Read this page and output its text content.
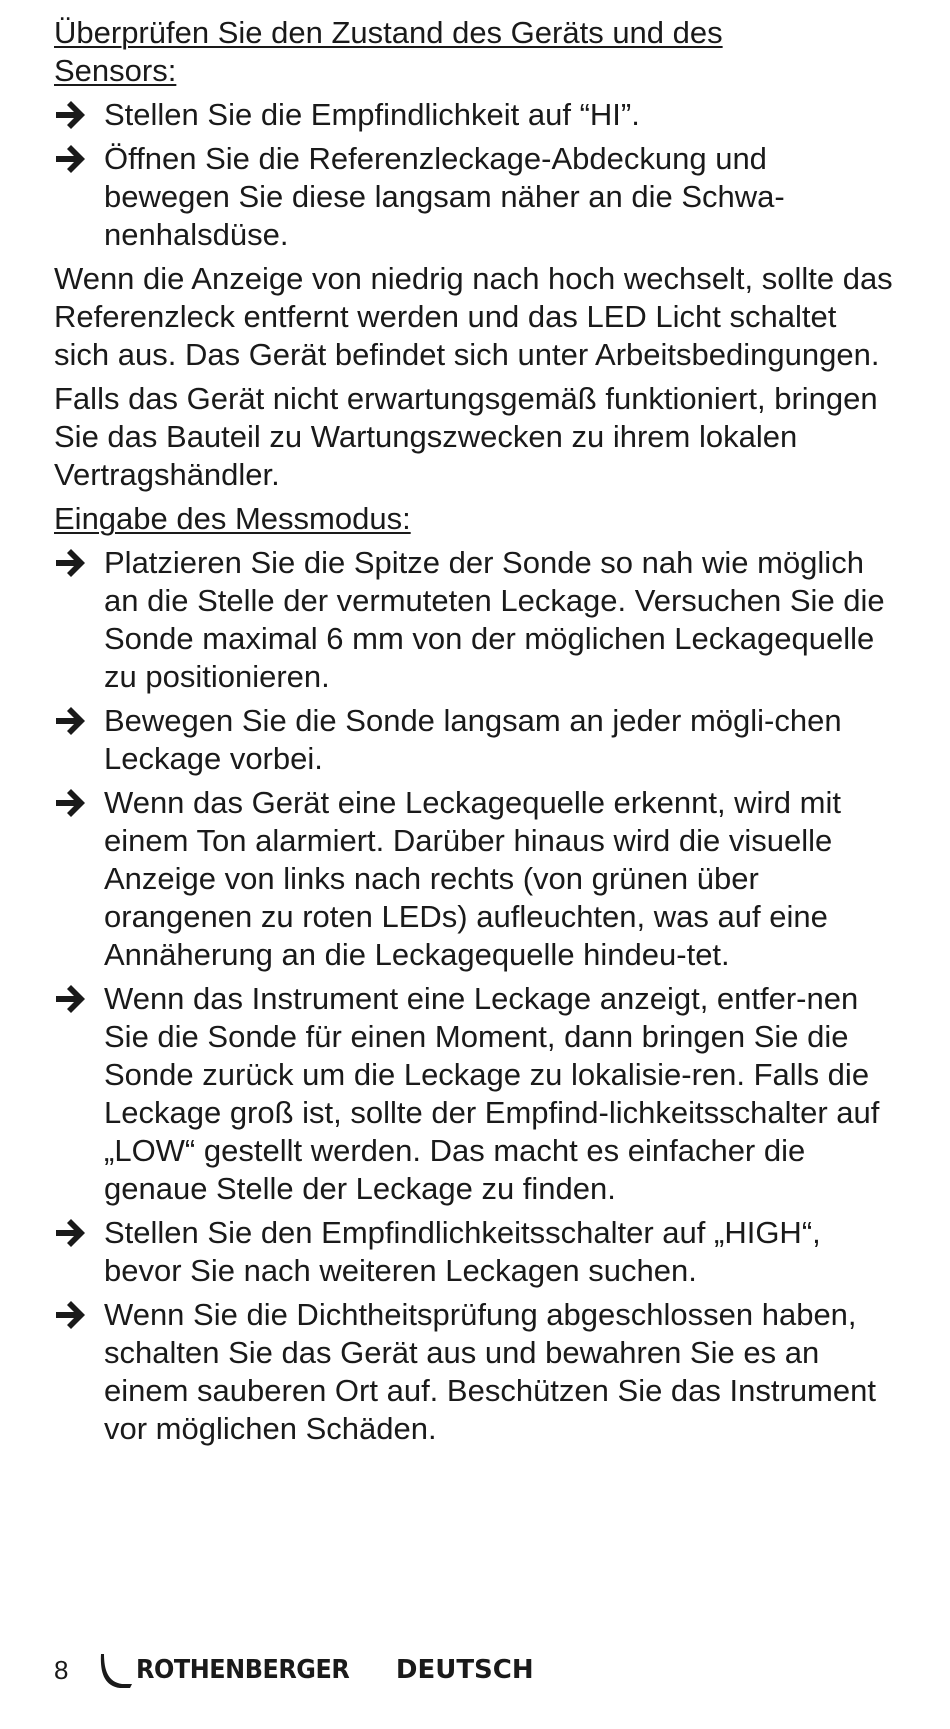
Überprüfen Sie den Zustand des Geräts und des Sensors:
Stellen Sie die Empfindlichkeit auf “HI”.
Öffnen Sie die Referenzleckage-Abdeckung und bewegen Sie diese langsam näher an die Schwa-nenhalsdüse.

Wenn die Anzeige von niedrig nach hoch wechselt, sollte das Referenzleck entfernt werden und das LED Licht schaltet sich aus. Das Gerät befindet sich unter Arbeitsbedingungen.

Falls das Gerät nicht erwartungsgemäß funktioniert, bringen Sie das Bauteil zu Wartungszwecken zu ihrem lokalen Vertragshändler.

Eingabe des Messmodus:
Platzieren Sie die Spitze der Sonde so nah wie möglich an die Stelle der vermuteten Leckage. Versuchen Sie die Sonde maximal 6 mm von der möglichen Leckagequelle zu positionieren.
Bewegen Sie die Sonde langsam an jeder mögli-chen Leckage vorbei.
Wenn das Gerät eine Leckagequelle erkennt, wird mit einem Ton alarmiert. Darüber hinaus wird die visuelle Anzeige von links nach rechts (von grünen über orangenen zu roten LEDs) aufleuchten, was auf eine Annäherung an die Leckagequelle hindeu-tet.
Wenn das Instrument eine Leckage anzeigt, entfer-nen Sie die Sonde für einen Moment, dann bringen Sie die Sonde zurück um die Leckage zu lokalisie-ren. Falls die Leckage groß ist, sollte der Empfind-lichkeitsschalter auf „LOW“ gestellt werden. Das macht es einfacher die genaue Stelle der Leckage zu finden.
Stellen Sie den Empfindlichkeitsschalter auf „HIGH“, bevor Sie nach weiteren Leckagen suchen.
Wenn Sie die Dichtheitsprüfung abgeschlossen haben, schalten Sie das Gerät aus und bewahren Sie es an einem sauberen Ort auf. Beschützen Sie das Instrument vor möglichen Schäden.
8	ROTHENBERGER DEUTSCH
